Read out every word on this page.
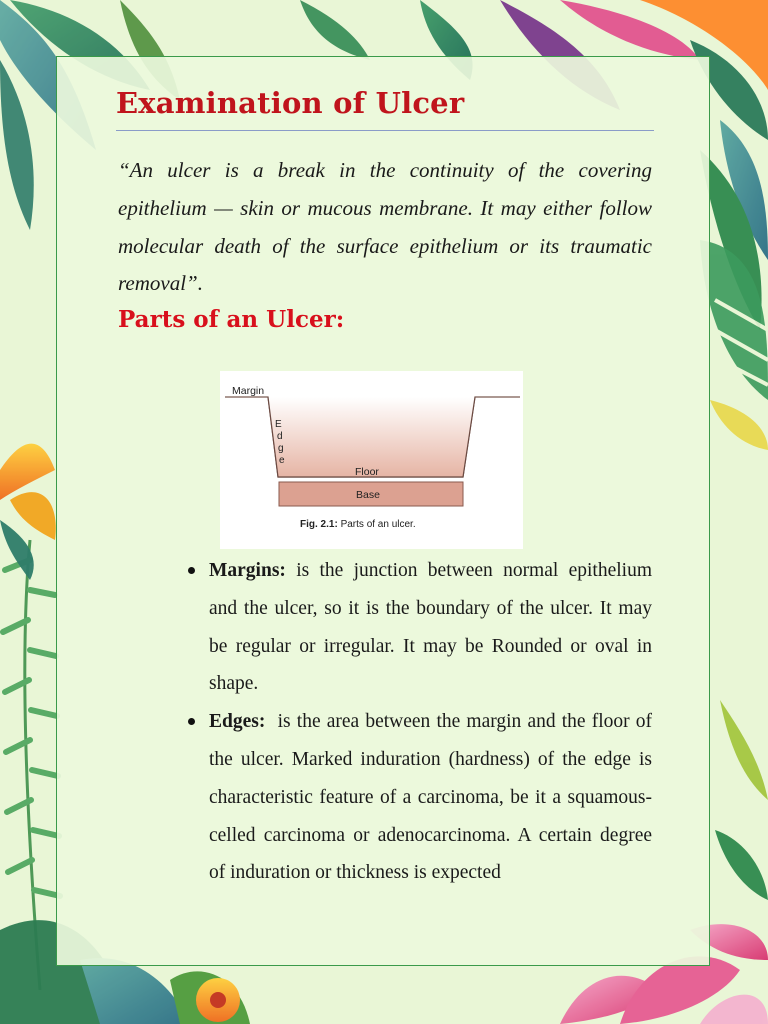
Examination of Ulcer

“An ulcer is a break in the continuity of the covering epithelium — skin or mucous membrane. It may either follow molecular death of the surface epithelium or its traumatic removal”.

Parts of an Ulcer:
Margin
E
d
g
e
Floor
Base
Fig. 2.1: Parts of an ulcer.
Margins: is the junction between normal epithelium and the ulcer, so it is the boundary of the ulcer. It may be regular or irregular. It may be Rounded or oval in shape.
Edges:  is the area between the margin and the floor of the ulcer. Marked induration (hardness) of the edge is characteristic feature of a carcinoma, be it a squamous-celled carcinoma or adenocarcinoma. A certain degree of induration or thickness is expected
